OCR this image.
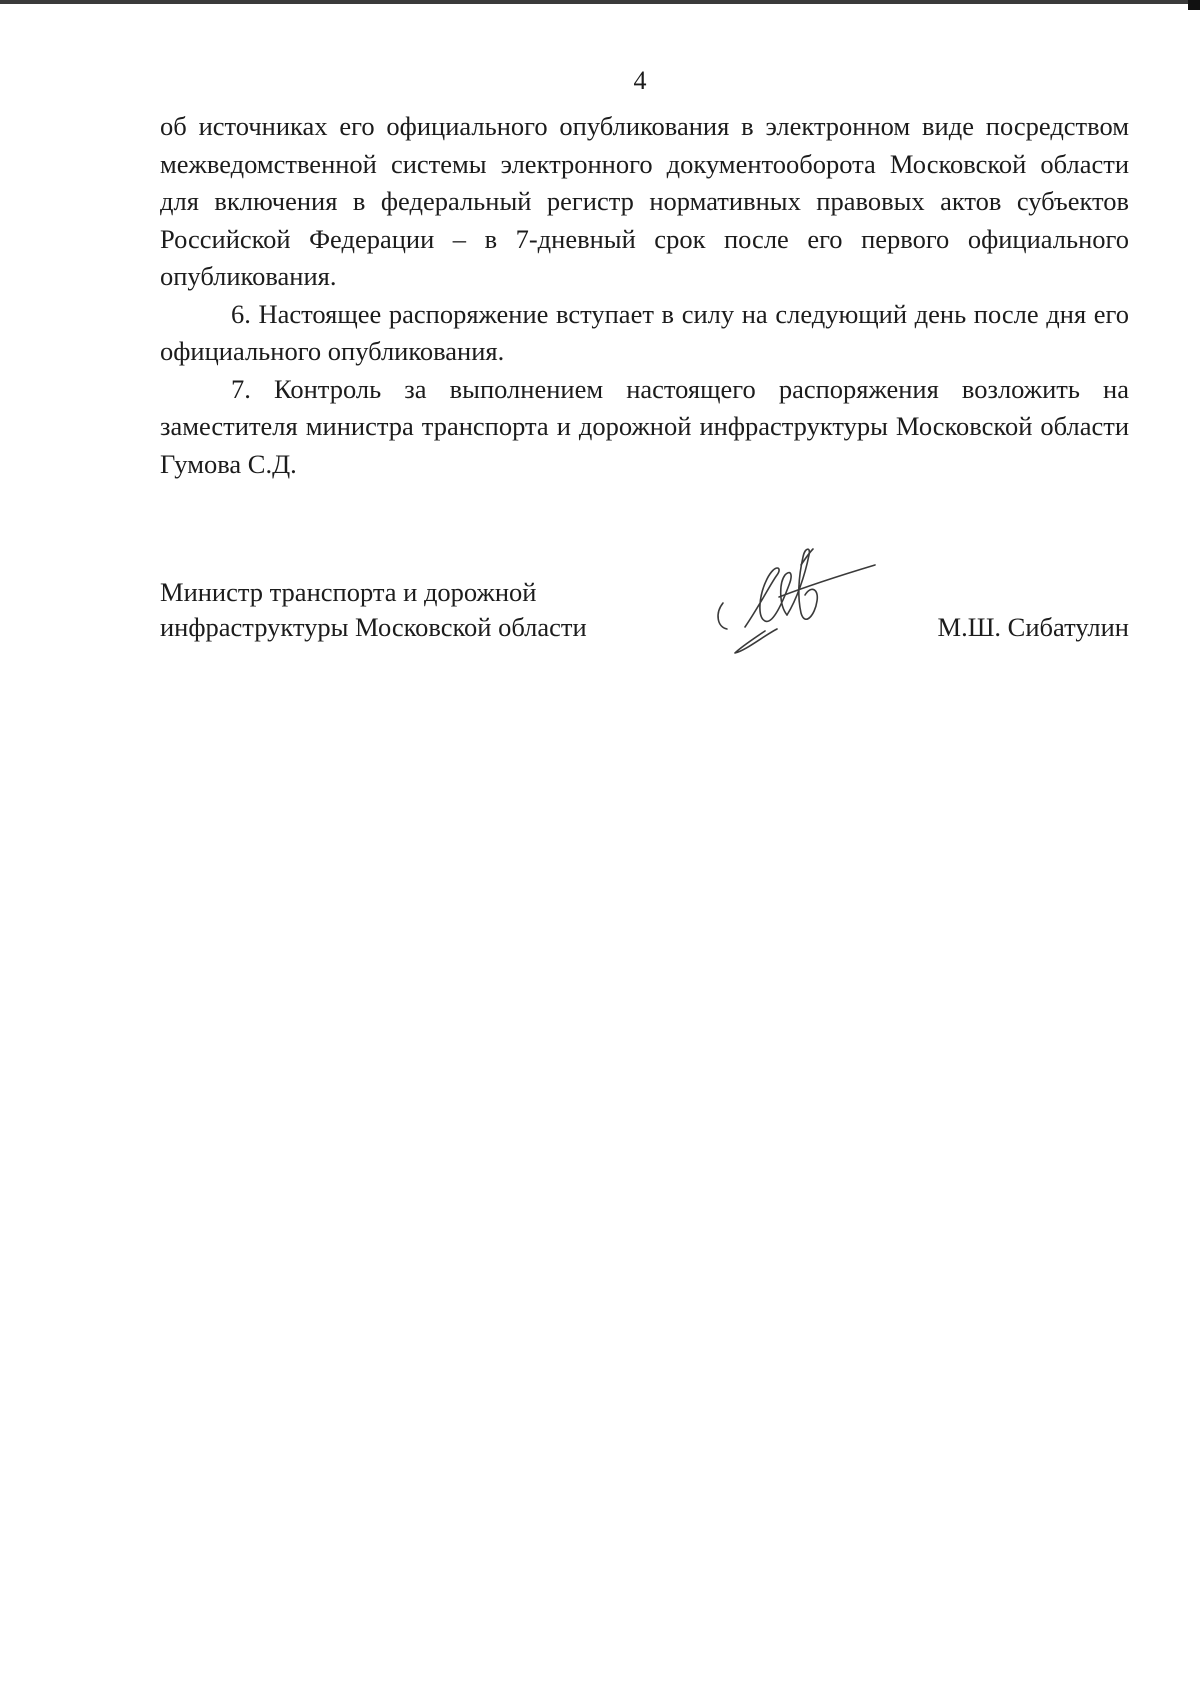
4

об источниках его официального опубликования в электронном виде посредством межведомственной системы электронного документооборота Московской области для включения в федеральный регистр нормативных правовых актов субъектов Российской Федерации – в 7-дневный срок после его первого официального опубликования.

6. Настоящее распоряжение вступает в силу на следующий день после дня его официального опубликования.

7. Контроль за выполнением настоящего распоряжения возложить на заместителя министра транспорта и дорожной инфраструктуры Московской области Гумова С.Д.

Министр транспорта и дорожной
инфраструктуры Московской области	М.Ш. Сибатулин
